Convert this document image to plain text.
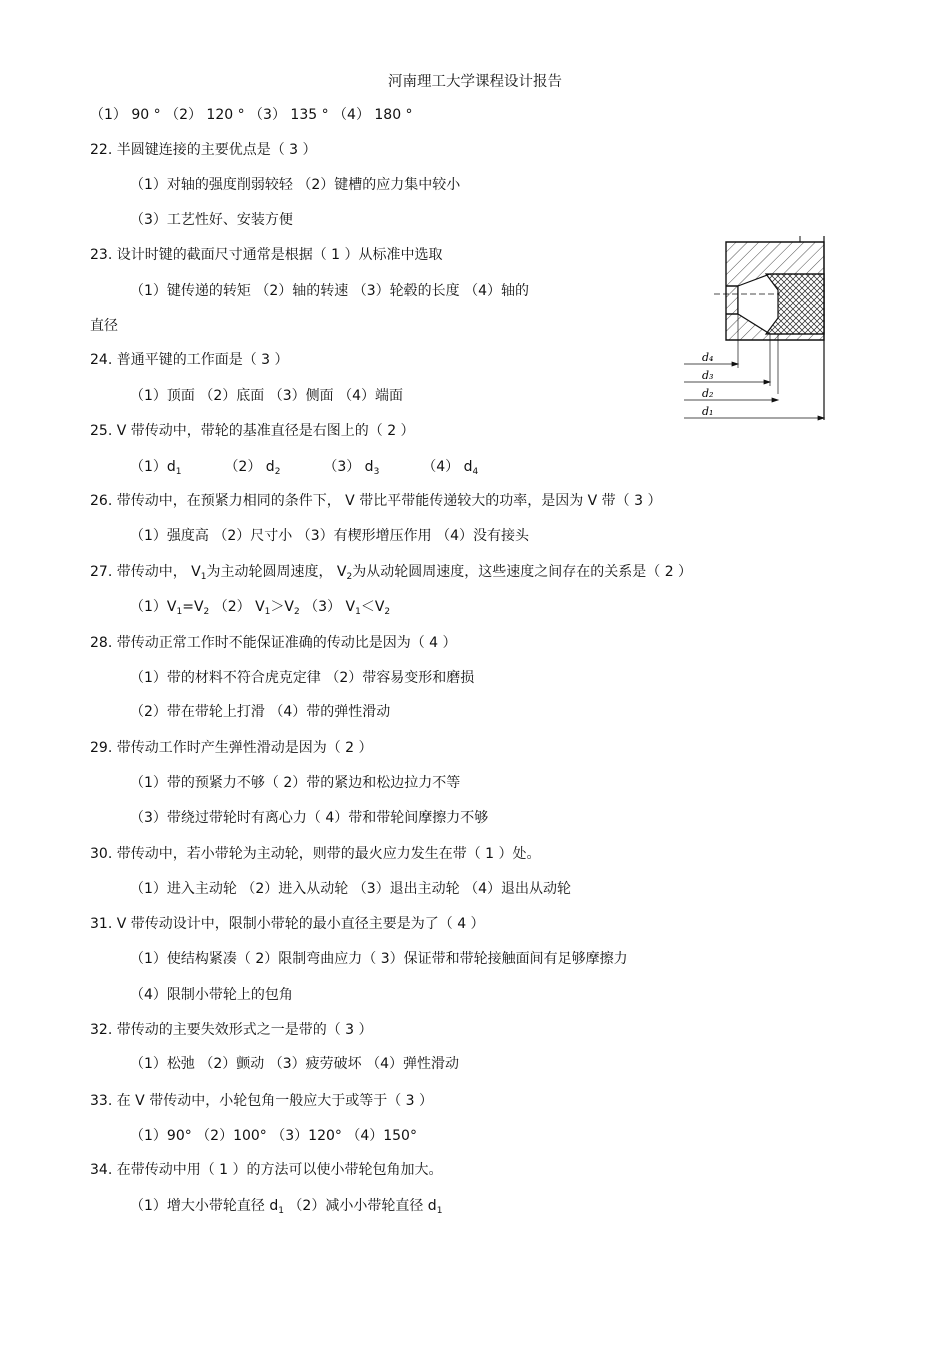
河南理工大学课程设计报告
（1） 90 ° （2） 120 ° （3） 135 ° （4） 180 °
22. 半圆键连接的主要优点是（ 3 ）
（1）对轴的强度削弱较轻 （2）键槽的应力集中较小
（3）工艺性好、安装方便
23. 设计时键的截面尺寸通常是根据（ 1 ）从标准中选取
（1）键传递的转矩 （2）轴的转速 （3）轮毂的长度 （4）轴的
直径
24. 普通平键的工作面是（ 3 ）
（1）顶面 （2）底面 （3）侧面 （4）端面
25. V 带传动中，带轮的基准直径是右图上的（ 2 ）
26. 带传动中，在预紧力相同的条件下， V 带比平带能传递较大的功率，是因为 V 带（ 3 ）
（1）强度高 （2）尺寸小 （3）有楔形增压作用 （4）没有接头
（1）带的材料不符合虎克定律 （2）带容易变形和磨损
（2）带在带轮上打滑 （4）带的弹性滑动
29. 带传动工作时产生弹性滑动是因为（ 2 ）
（1）带的预紧力不够（ 2）带的紧边和松边拉力不等
（3）带绕过带轮时有离心力（ 4）带和带轮间摩擦力不够
30. 带传动中，若小带轮为主动轮，则带的最火应力发生在带（ 1 ）处。
（1）进入主动轮 （2）进入从动轮 （3）退出主动轮 （4）退出从动轮
31. V 带传动设计中，限制小带轮的最小直径主要是为了（ 4 ）
（1）使结构紧凑（ 2）限制弯曲应力（ 3）保证带和带轮接触面间有足够摩擦力
（4）限制小带轮上的包角
32. 带传动的主要失效形式之一是带的（ 3 ）
（1）松弛 （2）颤动 （3）疲劳破坏 （4）弹性滑动
33. 在 V 带传动中，小轮包角一般应大于或等于（ 3 ）
（1）90° （2）100° （3）120° （4）150°
34. 在带传动中用（ 1 ）的方法可以使小带轮包角加大。
$(1)d_1$	（2） $d_2$	（3） $d_3$	（4） $d_4$
27. 带传动中， $V_1$为主动轮圆周速度， $V_2$为从动轮圆周速度，这些速度之间存在的关系是（ 2 ）
$(1)V_1=V_2$ （2） $V_1>V_2$ （3） $V_1<V_2$
28. 带传动正常工作时不能保证准确的传动比是因为（ 4 ）
（1）增大小带轮直径 $d_1$ （2）减小小带轮直径 $d_1$
d₄
d₃
d₂
d₁
